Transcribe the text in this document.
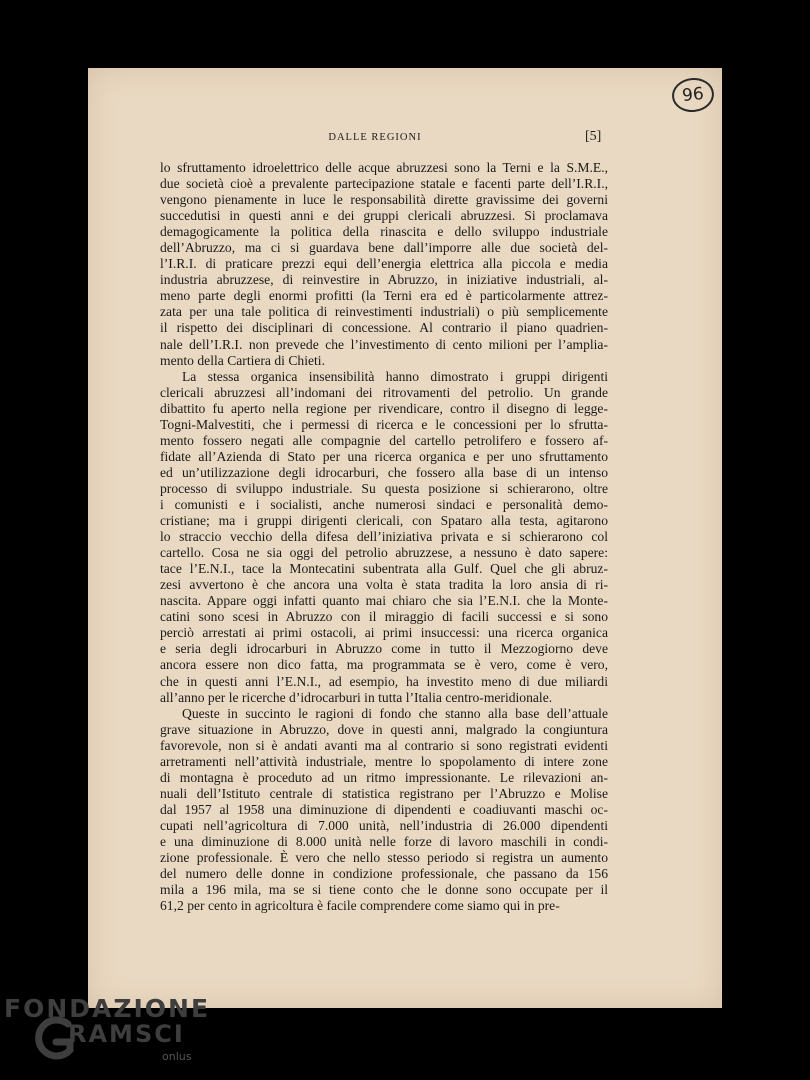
96
DALLE REGIONI	[5]
lo sfruttamento idroelettrico delle acque abruzzesi sono la Terni e la S.M.E.,
due società cioè a prevalente partecipazione statale e facenti parte dell’I.R.I.,
vengono pienamente in luce le responsabilità dirette gravissime dei governi
succedutisi in questi anni e dei gruppi clericali abruzzesi. Si proclamava
demagogicamente la politica della rinascita e dello sviluppo industriale
dell’Abruzzo, ma ci si guardava bene dall’imporre alle due società del-
l’I.R.I. di praticare prezzi equi dell’energia elettrica alla piccola e media
industria abruzzese, di reinvestire in Abruzzo, in iniziative industriali, al-
meno parte degli enormi profitti (la Terni era ed è particolarmente attrez-
zata per una tale politica di reinvestimenti industriali) o più semplicemente
il rispetto dei disciplinari di concessione. Al contrario il piano quadrien-
nale dell’I.R.I. non prevede che l’investimento di cento milioni per l’amplia-
mento della Cartiera di Chieti.
La stessa organica insensibilità hanno dimostrato i gruppi dirigenti
clericali abruzzesi all’indomani dei ritrovamenti del petrolio. Un grande
dibattito fu aperto nella regione per rivendicare, contro il disegno di legge-
Togni-Malvestiti, che i permessi di ricerca e le concessioni per lo sfrutta-
mento fossero negati alle compagnie del cartello petrolifero e fossero af-
fidate all’Azienda di Stato per una ricerca organica e per uno sfruttamento
ed un’utilizzazione degli idrocarburi, che fossero alla base di un intenso
processo di sviluppo industriale. Su questa posizione si schierarono, oltre
i comunisti e i socialisti, anche numerosi sindaci e personalità demo-
cristiane; ma i gruppi dirigenti clericali, con Spataro alla testa, agitarono
lo straccio vecchio della difesa dell’iniziativa privata e si schierarono col
cartello. Cosa ne sia oggi del petrolio abruzzese, a nessuno è dato sapere:
tace l’E.N.I., tace la Montecatini subentrata alla Gulf. Quel che gli abruz-
zesi avvertono è che ancora una volta è stata tradita la loro ansia di ri-
nascita. Appare oggi infatti quanto mai chiaro che sia l’E.N.I. che la Monte-
catini sono scesi in Abruzzo con il miraggio di facili successi e si sono
perciò arrestati ai primi ostacoli, ai primi insuccessi: una ricerca organica
e seria degli idrocarburi in Abruzzo come in tutto il Mezzogiorno deve
ancora essere non dico fatta, ma programmata se è vero, come è vero,
che in questi anni l’E.N.I., ad esempio, ha investito meno di due miliardi
all’anno per le ricerche d’idrocarburi in tutta l’Italia centro-meridionale.
Queste in succinto le ragioni di fondo che stanno alla base dell’attuale
grave situazione in Abruzzo, dove in questi anni, malgrado la congiuntura
favorevole, non si è andati avanti ma al contrario si sono registrati evidenti
arretramenti nell’attività industriale, mentre lo spopolamento di intere zone
di montagna è proceduto ad un ritmo impressionante. Le rilevazioni an-
nuali dell’Istituto centrale di statistica registrano per l’Abruzzo e Molise
dal 1957 al 1958 una diminuzione di dipendenti e coadiuvanti maschi oc-
cupati nell’agricoltura di 7.000 unità, nell’industria di 26.000 dipendenti
e una diminuzione di 8.000 unità nelle forze di lavoro maschili in condi-
zione professionale. È vero che nello stesso periodo si registra un aumento
del numero delle donne in condizione professionale, che passano da 156
mila a 196 mila, ma se si tiene conto che le donne sono occupate per il
61,2 per cento in agricoltura è facile comprendere come siamo qui in pre-
FONDAZIONE
RAMSCI
onlus
